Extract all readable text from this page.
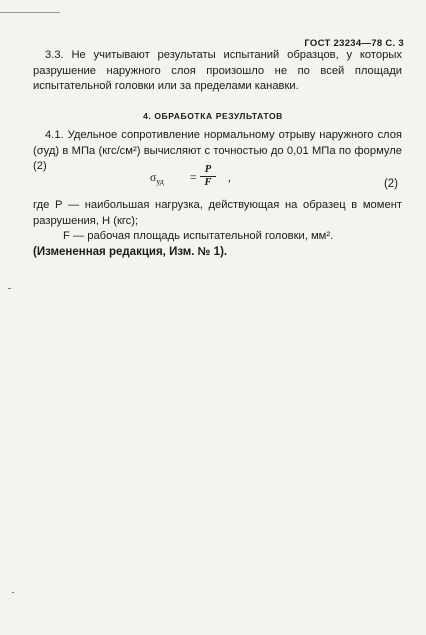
ГОСТ 23234—78 С. 3
3.3. Не учитывают результаты испытаний образцов, у которых разрушение наружного слоя произошло не по всей площади испытательной головки или за пределами канавки.
4. ОБРАБОТКА РЕЗУЛЬТАТОВ
4.1. Удельное сопротивление нормальному отрыву наружного слоя (σуд) в МПа (кгс/см²) вычисляют с точностью до 0,01 МПа по формуле (2)
$\sigma_{уд} = \frac{P}{F}$ ,	(2)
где P — наибольшая нагрузка, действующая на образец в момент разрушения, Н (кгс);
F — рабочая площадь испытательной головки, мм².
(Измененная редакция, Изм. № 1).
